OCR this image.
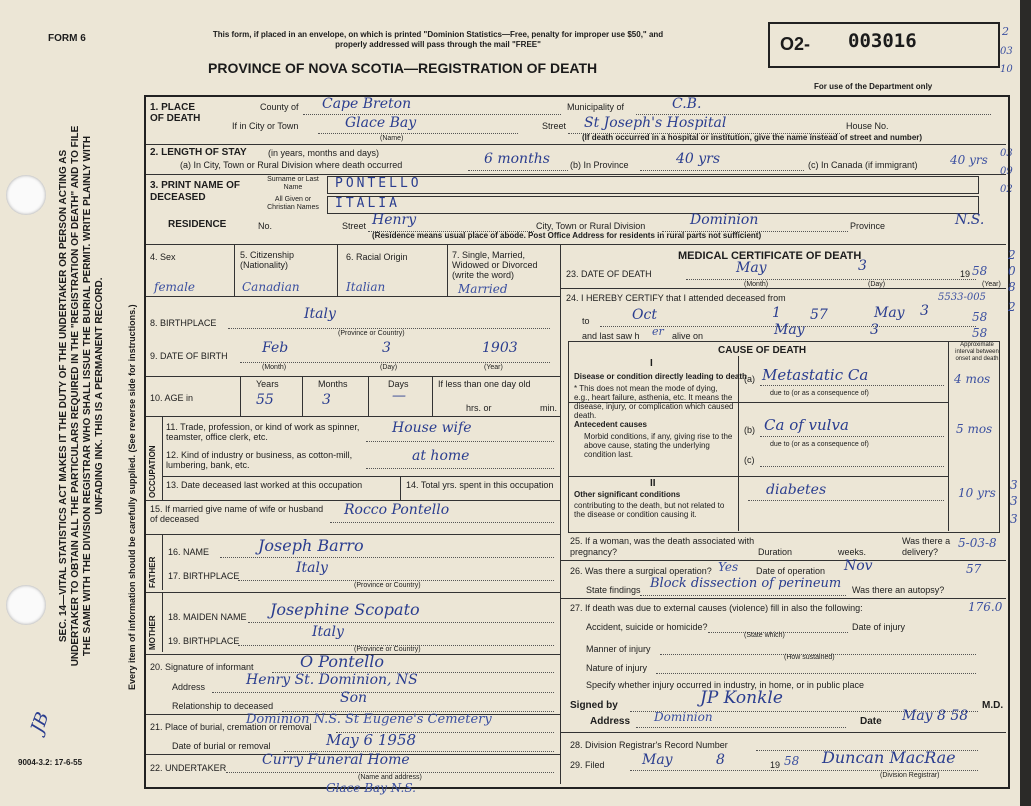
FORM 6	This form, if placed in an envelope, on which is printed "Dominion Statistics—Free, penalty for improper use $50," and properly addressed will pass through the mail "FREE"
PROVINCE OF NOVA SCOTIA—REGISTRATION OF DEATH
O2- 003016
For use of the Department only
2
03
10
03
09
02
SEC. 14—VITAL STATISTICS ACT MAKES IT THE DUTY OF THE UNDERTAKER OR PERSON ACTING AS UNDERTAKER TO OBTAIN ALL THE PARTICULARS REQUIRED IN THE "REGISTRATION OF DEATH" AND TO FILE THE SAME WITH THE DIVISION REGISTRAR WHO SHALL ISSUE THE BURIAL PERMIT. WRITE PLAINLY WITH UNFADING INK. THIS IS A PERMANENT RECORD. Every item of information should be carefully supplied. (See reverse side for instructions.)
JB
1. PLACE OF DEATH
County of Cape Breton	Municipality of	C.B.
If in City or Town	Glace Bay
(Name)
Street St Joseph's Hospital	House No.
(If death occurred in a hospital or institution, give the name instead of street and number)
2. LENGTH OF STAY (in years, months and days)
(a) In City, Town or Rural Division where death occurred	6 months (b) In Province	40 yrs	(c) In Canada (if immigrant)	40 yrs
3. PRINT NAME OF DECEASED
Surname or Last Name	PONTELLO
All Given or Christian Names	ITALIA
RESIDENCE	No.	Street Henry	City, Town or Rural Division	Dominion	Province	N.S.
(Residence means usual place of abode. Post Office Address for residents in rural parts not sufficient)
4. Sex
female
5. Citizenship (Nationality)
Canadian
6. Racial Origin
Italian
7. Single, Married, Widowed or Divorced (write the word)
Married
8. BIRTHPLACE
Italy
(Province or Country)
9. DATE OF BIRTH Feb	3	1903
(Month)	(Day)	(Year)
10. AGE in
Years	Months	Days
55	3	—
If less than one day old
hrs. or	min.
OCCUPATION
11. Trade, profession, or kind of work as spinner, teamster, office clerk, etc.
House wife
12. Kind of industry or business, as cotton-mill, lumbering, bank, etc.
at home
13. Date deceased last worked at this occupation	14. Total yrs. spent in this occupation
15. If married give name of wife or husband of deceased
Rocco Pontello
FATHER
16. NAME	Joseph Barro
17. BIRTHPLACE	Italy
(Province or Country)
MOTHER 18. MAIDEN NAME Josephine Scopato
19. BIRTHPLACE
Italy
(Province or Country)
20. Signature of informant	O Pontello
Address	Henry St. Dominion, NS
Relationship to deceased	Son
21. Place of burial, cremation or removal
Dominion N.S. St Eugene's Cemetery
Date of burial or removal	May 6 1958
22. UNDERTAKER	Curry Funeral Home
(Name and address)
Glace Bay N.S.
MEDICAL CERTIFICATE OF DEATH
23. DATE OF DEATH	May	3	19 58
(Month)	(Day)	(Year)
24. I HEREBY CERTIFY that I attended deceased from
to	Oct	1 57	May 3	58
5533-005
and last saw h er alive on	May	3	58
CAUSE OF DEATH	Approximate interval between onset and death
I
Disease or condition directly leading to death
* This does not mean the mode of dying, e.g., heart failure, asthenia, etc. It means the disease, injury, or complication which caused death.
(a) Metastatic Ca	4 mos
due to (or as a consequence of)
Antecedent causes
Morbid conditions, if any, giving rise to the above cause, stating the underlying condition last.
(b) Ca of vulva	5 mos
due to (or as a consequence of)
(c)
II
Other significant conditions
contributing to the death, but not related to the disease or condition causing it.
diabetes	10 yrs
25. If a woman, was the death associated with pregnancy?	Duration	weeks.
Was there a delivery?
5-03-8
26. Was there a surgical operation? Yes Date of operation Nov	57
State findings Block dissection of perineum Was there an autopsy?
27. If death was due to external causes (violence) fill in also the following:	176.0
Accident, suicide or homicide?	Date of injury
(State which)
Manner of injury
(How sustained)
Nature of injury
Specify whether injury occurred in industry, in home, or in public place
Signed by	JP Konkle	M.D.
Address Dominion	Date May 8 58
28. Division Registrar's Record Number
29. Filed	May	8	19 58 Duncan MacRae
(Division Registrar)
2
0
8
2
3
3
3
9004-3.2: 17-6-55
